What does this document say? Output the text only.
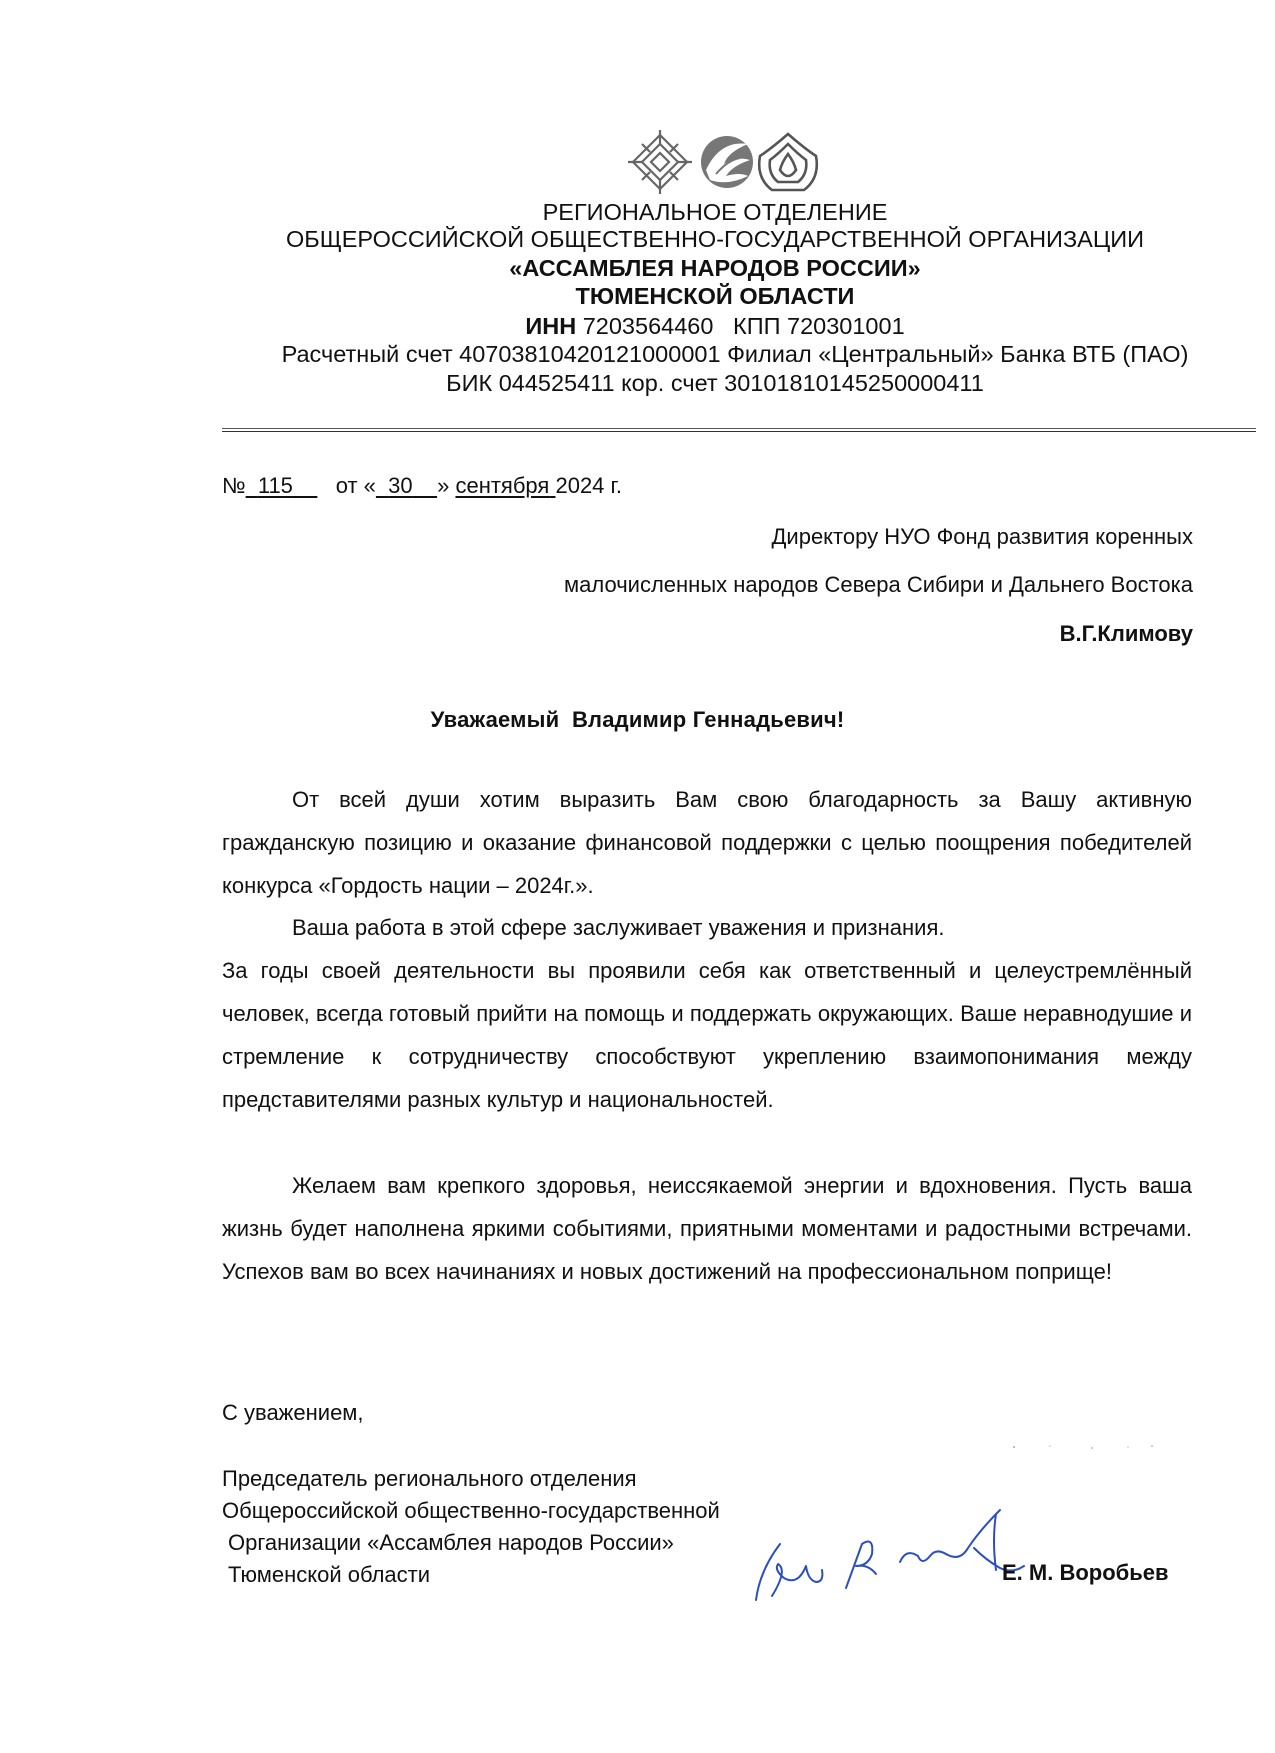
РЕГИОНАЛЬНОЕ ОТДЕЛЕНИЕ
ОБЩЕРОССИЙСКОЙ ОБЩЕСТВЕННО-ГОСУДАРСТВЕННОЙ ОРГАНИЗАЦИИ
«АССАМБЛЕЯ НАРОДОВ РОССИИ»
ТЮМЕНСКОЙ ОБЛАСТИ
ИНН 7203564460 КПП 720301001
Расчетный счет 40703810420121000001 Филиал «Центральный» Банка ВТБ (ПАО)
БИК 044525411 кор. счет 30101810145250000411
№ 115 от « 30 » сентября 2024 г.
Директору НУО Фонд развития коренных
малочисленных народов Севера Сибири и Дальнего Востока
В.Г.Климову
Уважаемый  Владимир Геннадьевич!

От всей души хотим выразить Вам свою благодарность за Вашу активную гражданскую позицию и оказание финансовой поддержки с целью поощрения победителей конкурса «Гордость нации – 2024г.».

Ваша работа в этой сфере заслуживает уважения и признания.

За годы своей деятельности вы проявили себя как ответственный и целеустремлённый человек, всегда готовый прийти на помощь и поддержать окружающих. Ваше неравнодушие и стремление к сотрудничеству способствуют укреплению взаимопонимания между представителями разных культур и национальностей.

Желаем вам крепкого здоровья, неиссякаемой энергии и вдохновения. Пусть ваша жизнь будет наполнена яркими событиями, приятными моментами и радостными встречами. Успехов вам во всех начинаниях и новых достижений на профессиональном поприще!

С уважением,
Председатель регионального отделения
Общероссийской общественно-государственной
Организации «Ассамблея народов России»
Тюменской области	Е. М. Воробьев
